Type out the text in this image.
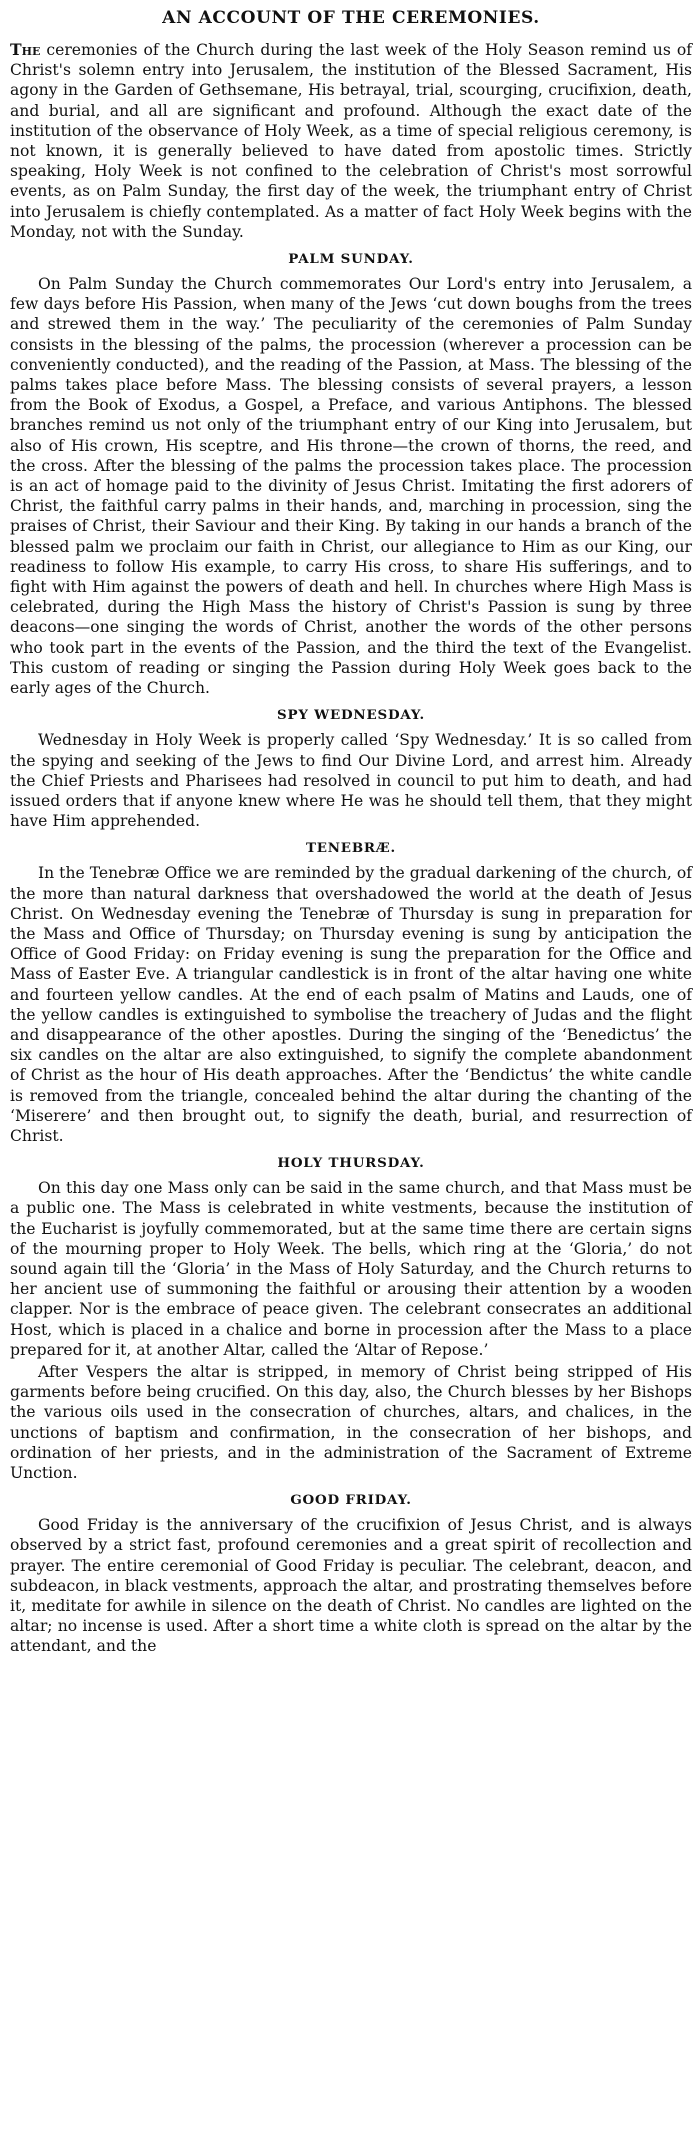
AN ACCOUNT OF THE CEREMONIES.

The ceremonies of the Church during the last week of the Holy Season remind us of Christ's solemn entry into Jerusalem, the institution of the Blessed Sacrament, His agony in the Garden of Gethsemane, His betrayal, trial, scourging, crucifixion, death, and burial, and all are significant and profound. Although the exact date of the institution of the observance of Holy Week, as a time of special religious ceremony, is not known, it is generally believed to have dated from apostolic times. Strictly speaking, Holy Week is not confined to the celebration of Christ's most sorrowful events, as on Palm Sunday, the first day of the week, the triumphant entry of Christ into Jerusalem is chiefly contemplated. As a matter of fact Holy Week begins with the Monday, not with the Sunday.

PALM SUNDAY.

On Palm Sunday the Church commemorates Our Lord's entry into Jerusalem, a few days before His Passion, when many of the Jews ‘cut down boughs from the trees and strewed them in the way.’ The peculiarity of the ceremonies of Palm Sunday consists in the blessing of the palms, the procession (wherever a procession can be conveniently conducted), and the reading of the Passion, at Mass. The blessing of the palms takes place before Mass. The blessing consists of several prayers, a lesson from the Book of Exodus, a Gospel, a Preface, and various Antiphons. The blessed branches remind us not only of the triumphant entry of our King into Jerusalem, but also of His crown, His sceptre, and His throne—the crown of thorns, the reed, and the cross. After the blessing of the palms the procession takes place. The procession is an act of homage paid to the divinity of Jesus Christ. Imitating the first adorers of Christ, the faithful carry palms in their hands, and, marching in procession, sing the praises of Christ, their Saviour and their King. By taking in our hands a branch of the blessed palm we proclaim our faith in Christ, our allegiance to Him as our King, our readiness to follow His example, to carry His cross, to share His sufferings, and to fight with Him against the powers of death and hell. In churches where High Mass is celebrated, during the High Mass the history of Christ's Passion is sung by three deacons—one singing the words of Christ, another the words of the other persons who took part in the events of the Passion, and the third the text of the Evangelist. This custom of reading or singing the Passion during Holy Week goes back to the early ages of the Church.

SPY WEDNESDAY.

Wednesday in Holy Week is properly called ‘Spy Wednesday.’ It is so called from the spying and seeking of the Jews to find Our Divine Lord, and arrest him. Already the Chief Priests and Pharisees had resolved in council to put him to death, and had issued orders that if anyone knew where He was he should tell them, that they might have Him apprehended.

TENEBRÆ.

In the Tenebræ Office we are reminded by the gradual darkening of the church, of the more than natural darkness that overshadowed the world at the death of Jesus Christ. On Wednesday evening the Tenebræ of Thursday is sung in preparation for the Mass and Office of Thursday; on Thursday evening is sung by anticipation the Office of Good Friday: on Friday evening is sung the preparation for the Office and Mass of Easter Eve. A triangular candlestick is in front of the altar having one white and fourteen yellow candles. At the end of each psalm of Matins and Lauds, one of the yellow candles is extinguished to symbolise the treachery of Judas and the flight and disappearance of the other apostles. During the singing of the ‘Benedictus’ the six candles on the altar are also extinguished, to signify the complete abandonment of Christ as the hour of His death approaches. After the ‘Bendictus’ the white candle is removed from the triangle, concealed behind the altar during the chanting of the ‘Miserere’ and then brought out, to signify the death, burial, and resurrection of Christ.

HOLY THURSDAY.

On this day one Mass only can be said in the same church, and that Mass must be a public one. The Mass is celebrated in white vestments, because the institution of the Eucharist is joyfully commemorated, but at the same time there are certain signs of the mourning proper to Holy Week. The bells, which ring at the ‘Gloria,’ do not sound again till the ‘Gloria’ in the Mass of Holy Saturday, and the Church returns to her ancient use of summoning the faithful or arousing their attention by a wooden clapper. Nor is the embrace of peace given. The celebrant consecrates an additional Host, which is placed in a chalice and borne in procession after the Mass to a place prepared for it, at another Altar, called the ‘Altar of Repose.’

After Vespers the altar is stripped, in memory of Christ being stripped of His garments before being crucified. On this day, also, the Church blesses by her Bishops the various oils used in the consecration of churches, altars, and chalices, in the unctions of baptism and confirmation, in the consecration of her bishops, and ordination of her priests, and in the administration of the Sacrament of Extreme Unction.

GOOD FRIDAY.

Good Friday is the anniversary of the crucifixion of Jesus Christ, and is always observed by a strict fast, profound ceremonies and a great spirit of recollection and prayer. The entire ceremonial of Good Friday is peculiar. The celebrant, deacon, and subdeacon, in black vestments, approach the altar, and prostrating themselves before it, meditate for awhile in silence on the death of Christ. No candles are lighted on the altar; no incense is used. After a short time a white cloth is spread on the altar by the attendant, and the
